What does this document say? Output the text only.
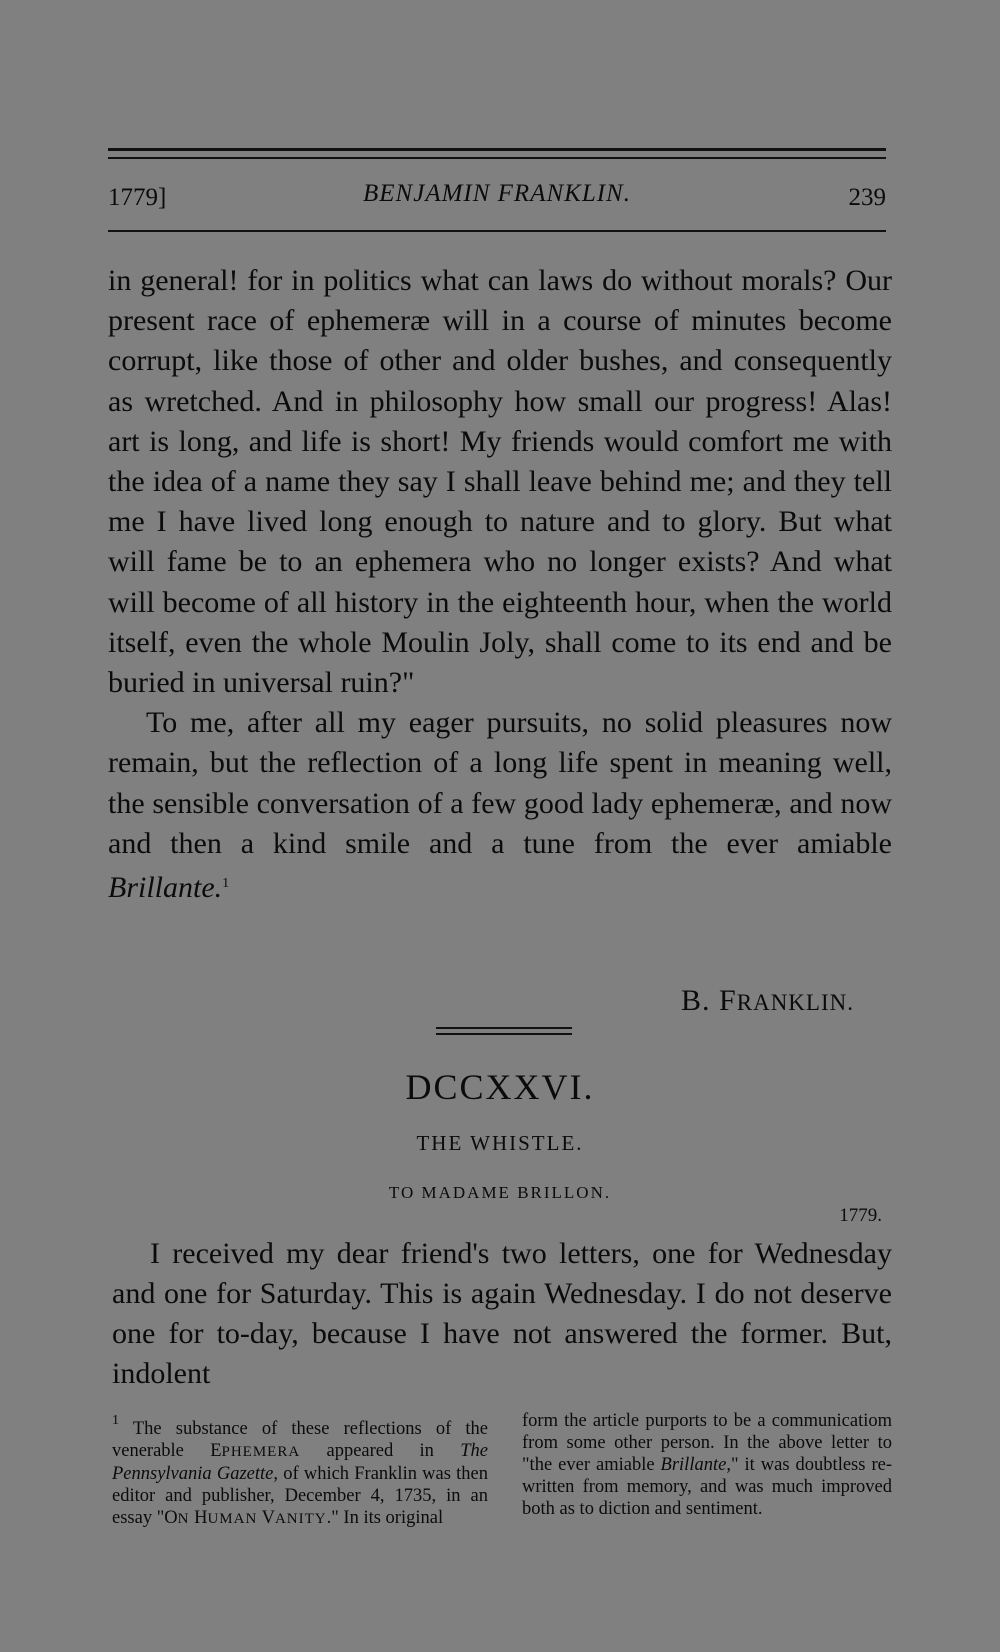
1779]	BENJAMIN FRANKLIN.	239

in general! for in politics what can laws do without morals? Our present race of ephemeræ will in a course of minutes become corrupt, like those of other and older bushes, and consequently as wretched. And in philosophy how small our progress! Alas! art is long, and life is short! My friends would comfort me with the idea of a name they say I shall leave behind me; and they tell me I have lived long enough to nature and to glory. But what will fame be to an ephemera who no longer exists? And what will become of all history in the eighteenth hour, when the world itself, even the whole Moulin Joly, shall come to its end and be buried in universal ruin?"

To me, after all my eager pursuits, no solid pleasures now remain, but the reflection of a long life spent in meaning well, the sensible conversation of a few good lady ephemeræ, and now and then a kind smile and a tune from the ever amiable Brillante.$^1$

B. FRANKLIN.
DCCXXVI.
THE WHISTLE.
TO MADAME BRILLON.
1779.

I received my dear friend's two letters, one for Wednesday and one for Saturday. This is again Wednesday. I do not deserve one for to-day, because I have not answered the former. But, indolent

$^1$ The substance of these reflections of the venerable EPHEMERA appeared in The Pennsylvania Gazette, of which Franklin was then editor and publisher, December 4, 1735, in an essay "ON HUMAN VANITY." In its original

form the article purports to be a communicatiom from some other person. In the above letter to "the ever amiable Brillante," it was doubtless re-written from memory, and was much improved both as to diction and sentiment.
